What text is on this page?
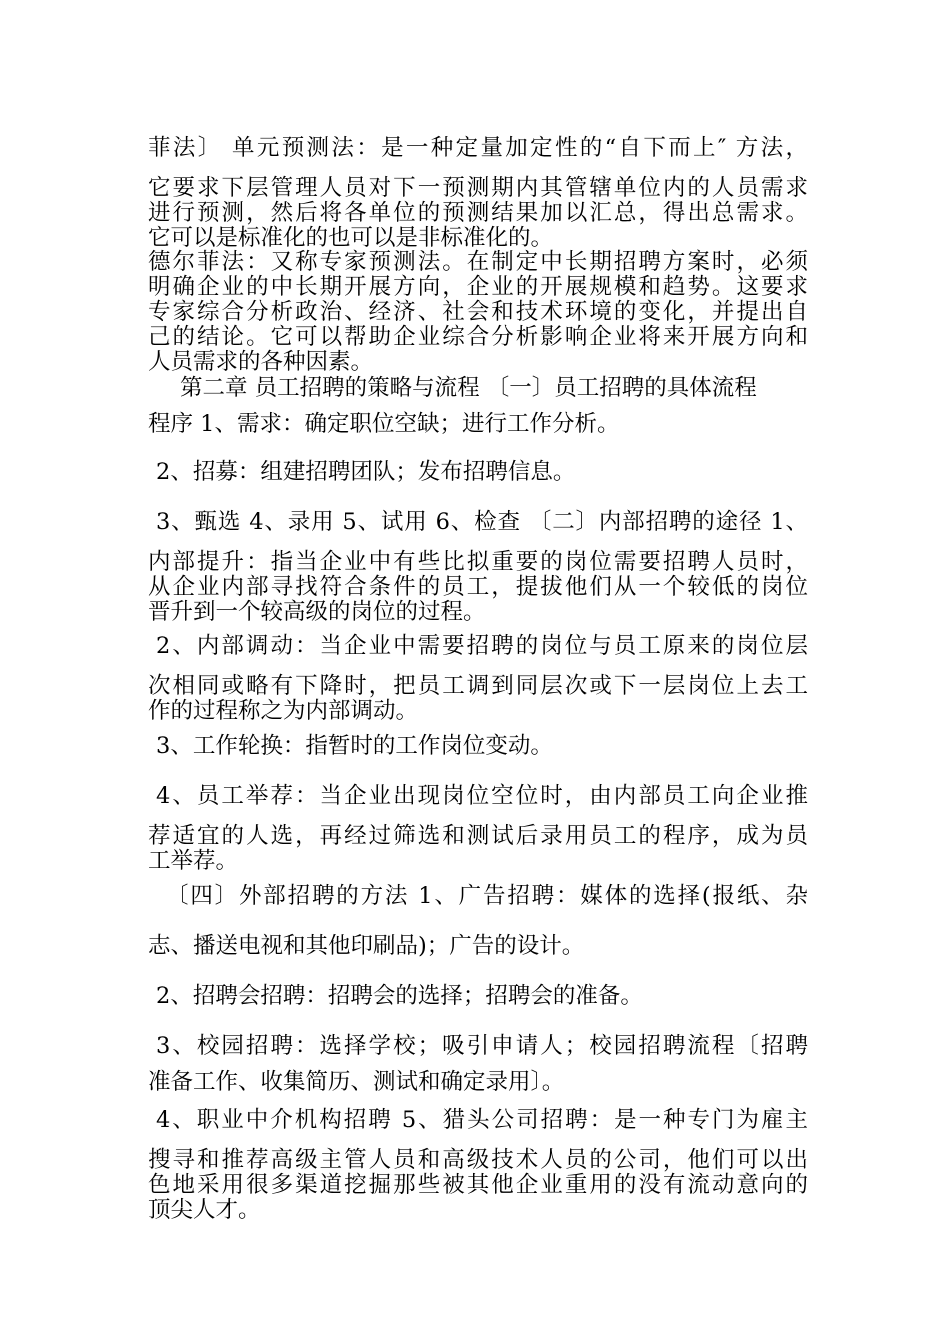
菲法〕 单元预测法：是一种定量加定性的“自下而上″ 方法，
它要求下层管理人员对下一预测期内其管辖单位内的人员需求
进行预测，然后将各单位的预测结果加以汇总，得出总需求。
它可以是标准化的也可以是非标准化的。
德尔菲法：又称专家预测法。在制定中长期招聘方案时，必须
明确企业的中长期开展方向，企业的开展规模和趋势。这要求
专家综合分析政治、经济、社会和技术环境的变化，并提出自
己的结论。它可以帮助企业综合分析影响企业将来开展方向和
人员需求的各种因素。
第二章 员工招聘的策略与流程 〔一〕员工招聘的具体流程
程序 1、需求：确定职位空缺；进行工作分析。
2、招募：组建招聘团队；发布招聘信息。
3、甄选 4、录用 5、试用 6、检查 〔二〕内部招聘的途径 1、
内部提升：指当企业中有些比拟重要的岗位需要招聘人员时，
从企业内部寻找符合条件的员工，提拔他们从一个较低的岗位
晋升到一个较高级的岗位的过程。
2、内部调动：当企业中需要招聘的岗位与员工原来的岗位层
次相同或略有下降时，把员工调到同层次或下一层岗位上去工
作的过程称之为内部调动。
3、工作轮换：指暂时的工作岗位变动。
4、员工举荐：当企业出现岗位空位时，由内部员工向企业推
荐适宜的人选，再经过筛选和测试后录用员工的程序，成为员
工举荐。
〔四〕外部招聘的方法 1、广告招聘：媒体的选择(报纸、杂
志、播送电视和其他印刷品)；广告的设计。
2、招聘会招聘：招聘会的选择；招聘会的准备。
3、校园招聘：选择学校；吸引申请人；校园招聘流程〔招聘
准备工作、收集简历、测试和确定录用〕。
4、职业中介机构招聘 5、猎头公司招聘：是一种专门为雇主
搜寻和推荐高级主管人员和高级技术人员的公司，他们可以出
色地采用很多渠道挖掘那些被其他企业重用的没有流动意向的
顶尖人才。
